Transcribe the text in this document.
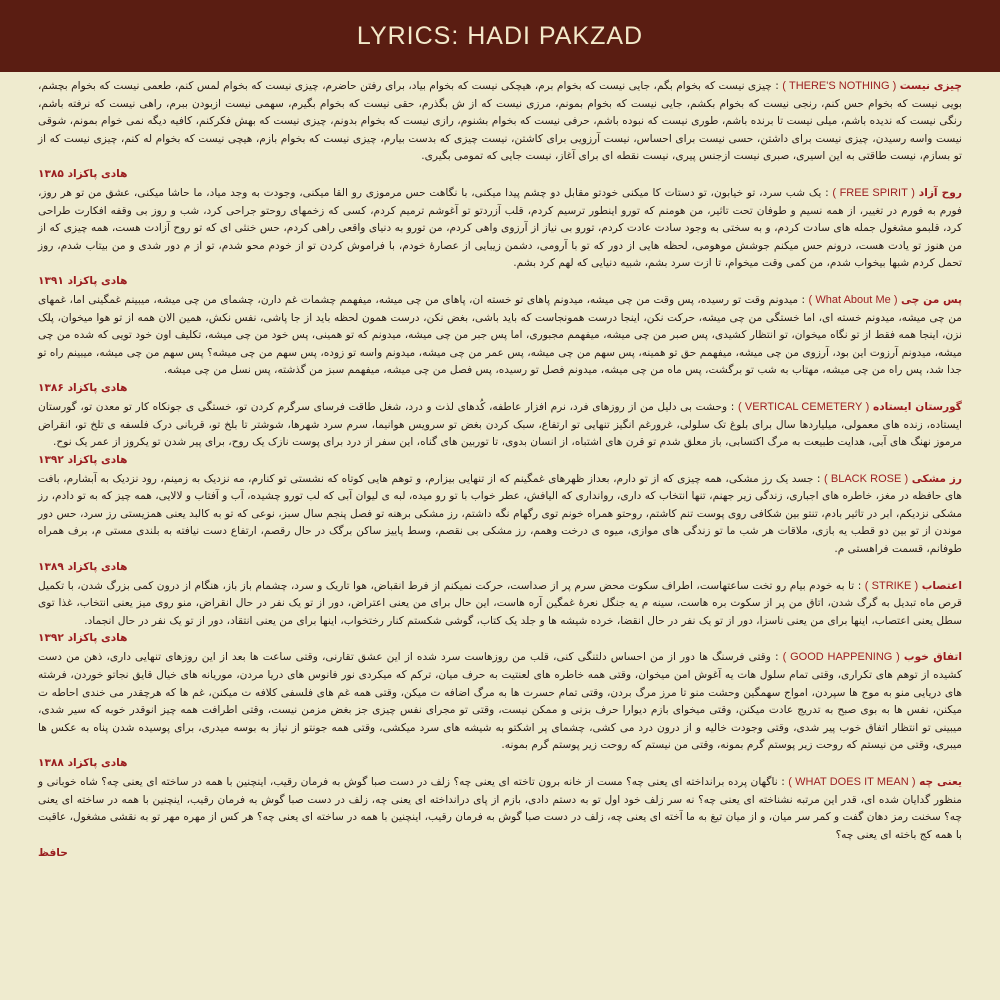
LYRICS: HADI PAKZAD

چیزی نیست ( THERE'S NOTHING ) : چیزی نیست که بخوام بگم، جایی نیست که بخوام برم، هیچکی نیست که بخوام بیاد، برای رفتن حاضرم، چیزی نیست که بخوام لمس کنم، طعمی نیست که بخوام بچشم، بویی نیست که بخوام حس کنم، رنجی نیست که بخوام بکشم، جایی نیست که بخوام بمونم، مرزی نیست که از ش بگذرم، حقی نیست که بخوام بگیرم، سهمی نیست ازبودن ببرم، راهی نیست که نرفته باشم، رنگی نیست که ندیده باشم، میلی نیست تا برنده باشم، طوری نیست که نبوده باشم، حرفی نیست که بخوام بشنوم، رازی نیست که بخوام بدونم، چیزی نیست که بهش فکرکنم، کافیه دیگه نمی خوام بمونم، شوقی نیست واسه رسیدن، چیزی نیست برای داشتن، حسی نیست برای احساس، نیست آرزویی برای کاشتن، نیست چیزی که بدست بیارم، چیزی نیست که بخوام بازم، هیچی نیست که بخوام له کنم، چیزی نیست که از تو بسازم، نیست طاقتی به این اسیری، صبری نیست ازجنس پیری، نیست نقطه ای برای آغاز، نیست جایی که تمومی بگیری.

هادی پاکزاد ۱۳۸۵

روح آزاد ( FREE SPIRIT ) : یک شب سرد، تو خیابون، تو دستات کا میکنی خودتو مقابل دو چشم پیدا میکنی، با نگاهت حس مرموزی رو القا میکنی، وجودت به وجد میاد، ما حاشا میکنی، عشق من تو هر روز، فورم به فورم در تغییر، از همه نسیم و طوفان تحت تاثیر، من هومنم که تورو اینطور ترسیم کردم، قلب آزردتو تو آغوشم ترمیم کردم، کسی که زخمهای روحتو جراحی کرد، شب و روز بی وقفه افکارت طراحی کرد، قلبمو مشغول جمله های سادت کردم، و به سختی به وجود سادت عادت کردم، تورو بی نیاز از آرزوی واهی کردم، من تورو به دنیای واقعی راهی کردم، حس خنثی ای که تو روح آزادت هست، همه چیزی که از من هنوز تو یادت هست، درونم حس میکنم جوشش موهومی، لحظه هایی از دور که تو با آرومی، دشمن زیبایی از عصارهٔ خودم، با فراموش کردن تو از خودم محو شدم، تو از م دور شدی و من بیتاب شدم، روز تحمل کردم شبها بیخواب شدم، من کمی وقت میخوام، تا ازت سرد بشم، شبیه دنیایی که لهم کرد بشم.

هادی پاکزاد ۱۳۹۱

پس من چی ( What About Me ) : میدونم وقت تو رسیده، پس وقت من چی میشه، میدونم پاهای تو خسته ان، پاهای من چی میشه، میفهمم چشمات غم دارن، چشمای من چی میشه، میبینم غمگینی اما، غمهای من چی میشه، میدونم خسته ای، اما خستگی من چی میشه، حرکت نکن، اینجا درست همونجاست که باید باشی، بغض نکن، درست همون لحظه باید از جا پاشی، نفس نکش، همین الان همه از تو هوا میخوان، پلک نزن، اینجا همه فقط از تو نگاه میخوان، تو انتظار کشیدی، پس صبر من چی میشه، میفهمم مجبوری، اما پس جبر من چی میشه، میدونم که تو همینی، پس خود من چی میشه، تکلیف اون خود تویی که شده من چی میشه، میدونم آرزوت این بود، آرزوی من چی میشه، میفهمم حق تو همینه، پس سهم من چی میشه، پس عمر من چی میشه، میدونم واسه تو زوده، پس سهم من چی میشه؟ پس سهم من چی میشه، میبینم راه تو جدا شد، پس راه من چی میشه، مهتاب به شب تو برگشت، پس ماه من چی میشه، میدونم فصل تو رسیده، پس فصل من چی میشه، میفهمم سبز من گذشته، پس نسل من چی میشه.

هادی پاکزاد ۱۳۸۶

گورستان ایستاده ( VERTICAL CEMETERY ) : وحشت بی دلیل من از روزهای فرد، نرم افزار عاطفه، کُدهای لذت و درد، شغل طاقت فرسای سرگرم کردن تو، خستگی ی جونکاه کار تو معدن تو، گورستان ایستاده، زنده های معمولی، میلیاردها سال برای بلوغ تک سلولی، غرورغم انگیز تنهایی تو ارتفاع، سبک کردن بغض تو سرویس هوانیما، سرم سرد شهرها، شوشتر تا بلخ تو، قربانی درک فلسفه ی تلخ تو، انقراض مرموز نهنگ های آبی، هدایت طبیعت به مرگ اکتسابی، باز معلق شدم تو قرن های اشتباه، از انسان بدوی، تا توربین های گناه، این سفر از درد برای پوست نازک یک روح، برای پیر شدن تو یکروز از عمر یک نوح.

هادی پاکزاد ۱۳۹۲

رز مشکی ( BLACK ROSE ) : جسد یک رز مشکی، همه چیزی که از تو دارم، بعداز ظهرهای غمگینم که از تنهایی بیزارم، و توهم هایی کوتاه که نشستی تو کنارم، مه نزدیک به زمینم، رود نزدیک به آبشارم، بافت های حافظه در مغز، خاطره های اجباری، زندگی زیر جهنم، تنها انتخاب که داری، روانداری که الیافش، عطر خواب با تو رو میده، لبه ی لیوان آبی که لب تورو چشیده، آب و آفتاب و لالایی، همه چیز که به تو دادم، رز مشکی نزدیکم، ابر در تاثیر بادم، تنتو بین شکافی روی پوست تنم کاشتم، روحتو همراه خونم توی رگهام نگه داشتم، رز مشکی برهنه تو فصل پنجم سال سبز، نوعی که تو به کالبد یعنی همزیستی رز سرد، حس دور موندن از تو بین دو قطب یه بازی، ملاقات هر شب ما تو زندگی های موازی، میوه ی درخت وهمم، رز مشکی بی نقصم، وسط پاییز ساکن برگک در حال رقصم، ارتفاع دست نیافته به بلندی مستی م، برف همراه طوفانم، قسمت فراهستی م.

هادی پاکزاد ۱۳۸۹

اعتصاب ( STRIKE ) : تا به خودم بیام رو تخت ساعتهاست، اطراف سکوت محض سرم پر از صداست، حرکت نمیکنم از فرط انقباض، هوا تاریک و سرد، چشمام باز باز، هنگام از درون کمی بزرگ شدن، با تکمیل قرص ماه تبدیل به گرگ شدن، اتاق من پر از سکوت بره هاست، سینه م یه جنگل نعرهٔ غمگین آره هاست، این حال برای من یعنی اعتراض، دور از تو یک نفر در حال انقراض، منو روی میز یعنی انتخاب، غذا توی سطل یعنی اعتصاب، اینها برای من یعنی ناسزا، دور از تو یک نفر در حال انقضا، خرده شیشه ها و جلد یک کتاب، گوشی شکستم کنار رختخواب، اینها برای من یعنی انتقاد، دور از تو یک نفر در حال انجماد.

هادی پاکزاد ۱۳۹۲

اتفاق خوب ( GOOD HAPPENING ) : وقتی فرسنگ ها دور از من احساس دلتنگی کنی، قلب من روزهاست سرد شده از این عشق تقارنی، وقتی ساعت ها بعد از این روزهای تنهایی داری، ذهن من دست کشیده از توهم های تکراری، وقتی تمام سلول هات یه آغوش امن میخوان، وقتی همه خاطره های لعنتیت به حرف میان، ترکم که میکردی نور فانوس های دریا مردن، موریانه های خیال قایق نجاتو خوردن، فرشته های دریایی منو به موج ها سپردن، امواج سهمگین وحشت منو تا مرز مرگ بردن، وقتی تمام حسرت ها به مرگ اضافه ت میکن، وقتی همه غم های فلسفی کلافه ت میکنن، غم ها که هرچقدر می خندی احاطه ت میکنن، نفس ها به بوی صبح به تدریج عادت میکنن، وقتی میخوای بازم دیوارا حرف بزنی و ممکن نیست، وقتی تو مجرای نفس چیزی جز بغض مزمن نیست، وقتی اطرافت همه چیز انوقدر خوبه که سیر شدی، میبینی تو انتظار اتفاق خوب پیر شدی، وقتی وجودت خالیه و از درون درد می کشی، چشمای پر اشکتو به شیشه های سرد میکشی، وقتی همه جونتو از نیاز به بوسه میدری، برای پوسیده شدن پناه به عکس ها میبری، وقتی من نیستم که روحت زیر پوستم گرم بمونه، وقتی من نیستم که روحت زیر پوستم گرم بمونه.

هادی پاکزاد ۱۳۸۸

یعنی چه ( WHAT DOES IT MEAN ) : ناگهان پرده برانداخته ای یعنی چه؟ مست از خانه برون تاخته ای یعنی چه؟ زلف در دست صبا گوش به فرمان رقیب، اینچنین با همه در ساخته ای یعنی چه؟ شاه خوبانی و منظور گدایان شده ای، قدر این مرتبه نشناخته ای یعنی چه؟ نه سر زلف خود اول تو به دستم دادی، بازم از پای درانداخته ای یعنی چه، زلف در دست صبا گوش به فرمان رقیب، اینچنین با همه در ساخته ای یعنی چه؟ سخنت رمز دهان گفت و کمر سر میان، و از میان تیغ به ما آخته ای یعنی چه، زلف در دست صبا گوش به فرمان رقیب، اینچنین با همه در ساخته ای یعنی چه؟ هر کس از مهره مهر تو به نقشی مشغول، عاقبت با همه کج باخته ای یعنی چه؟

حافظ
